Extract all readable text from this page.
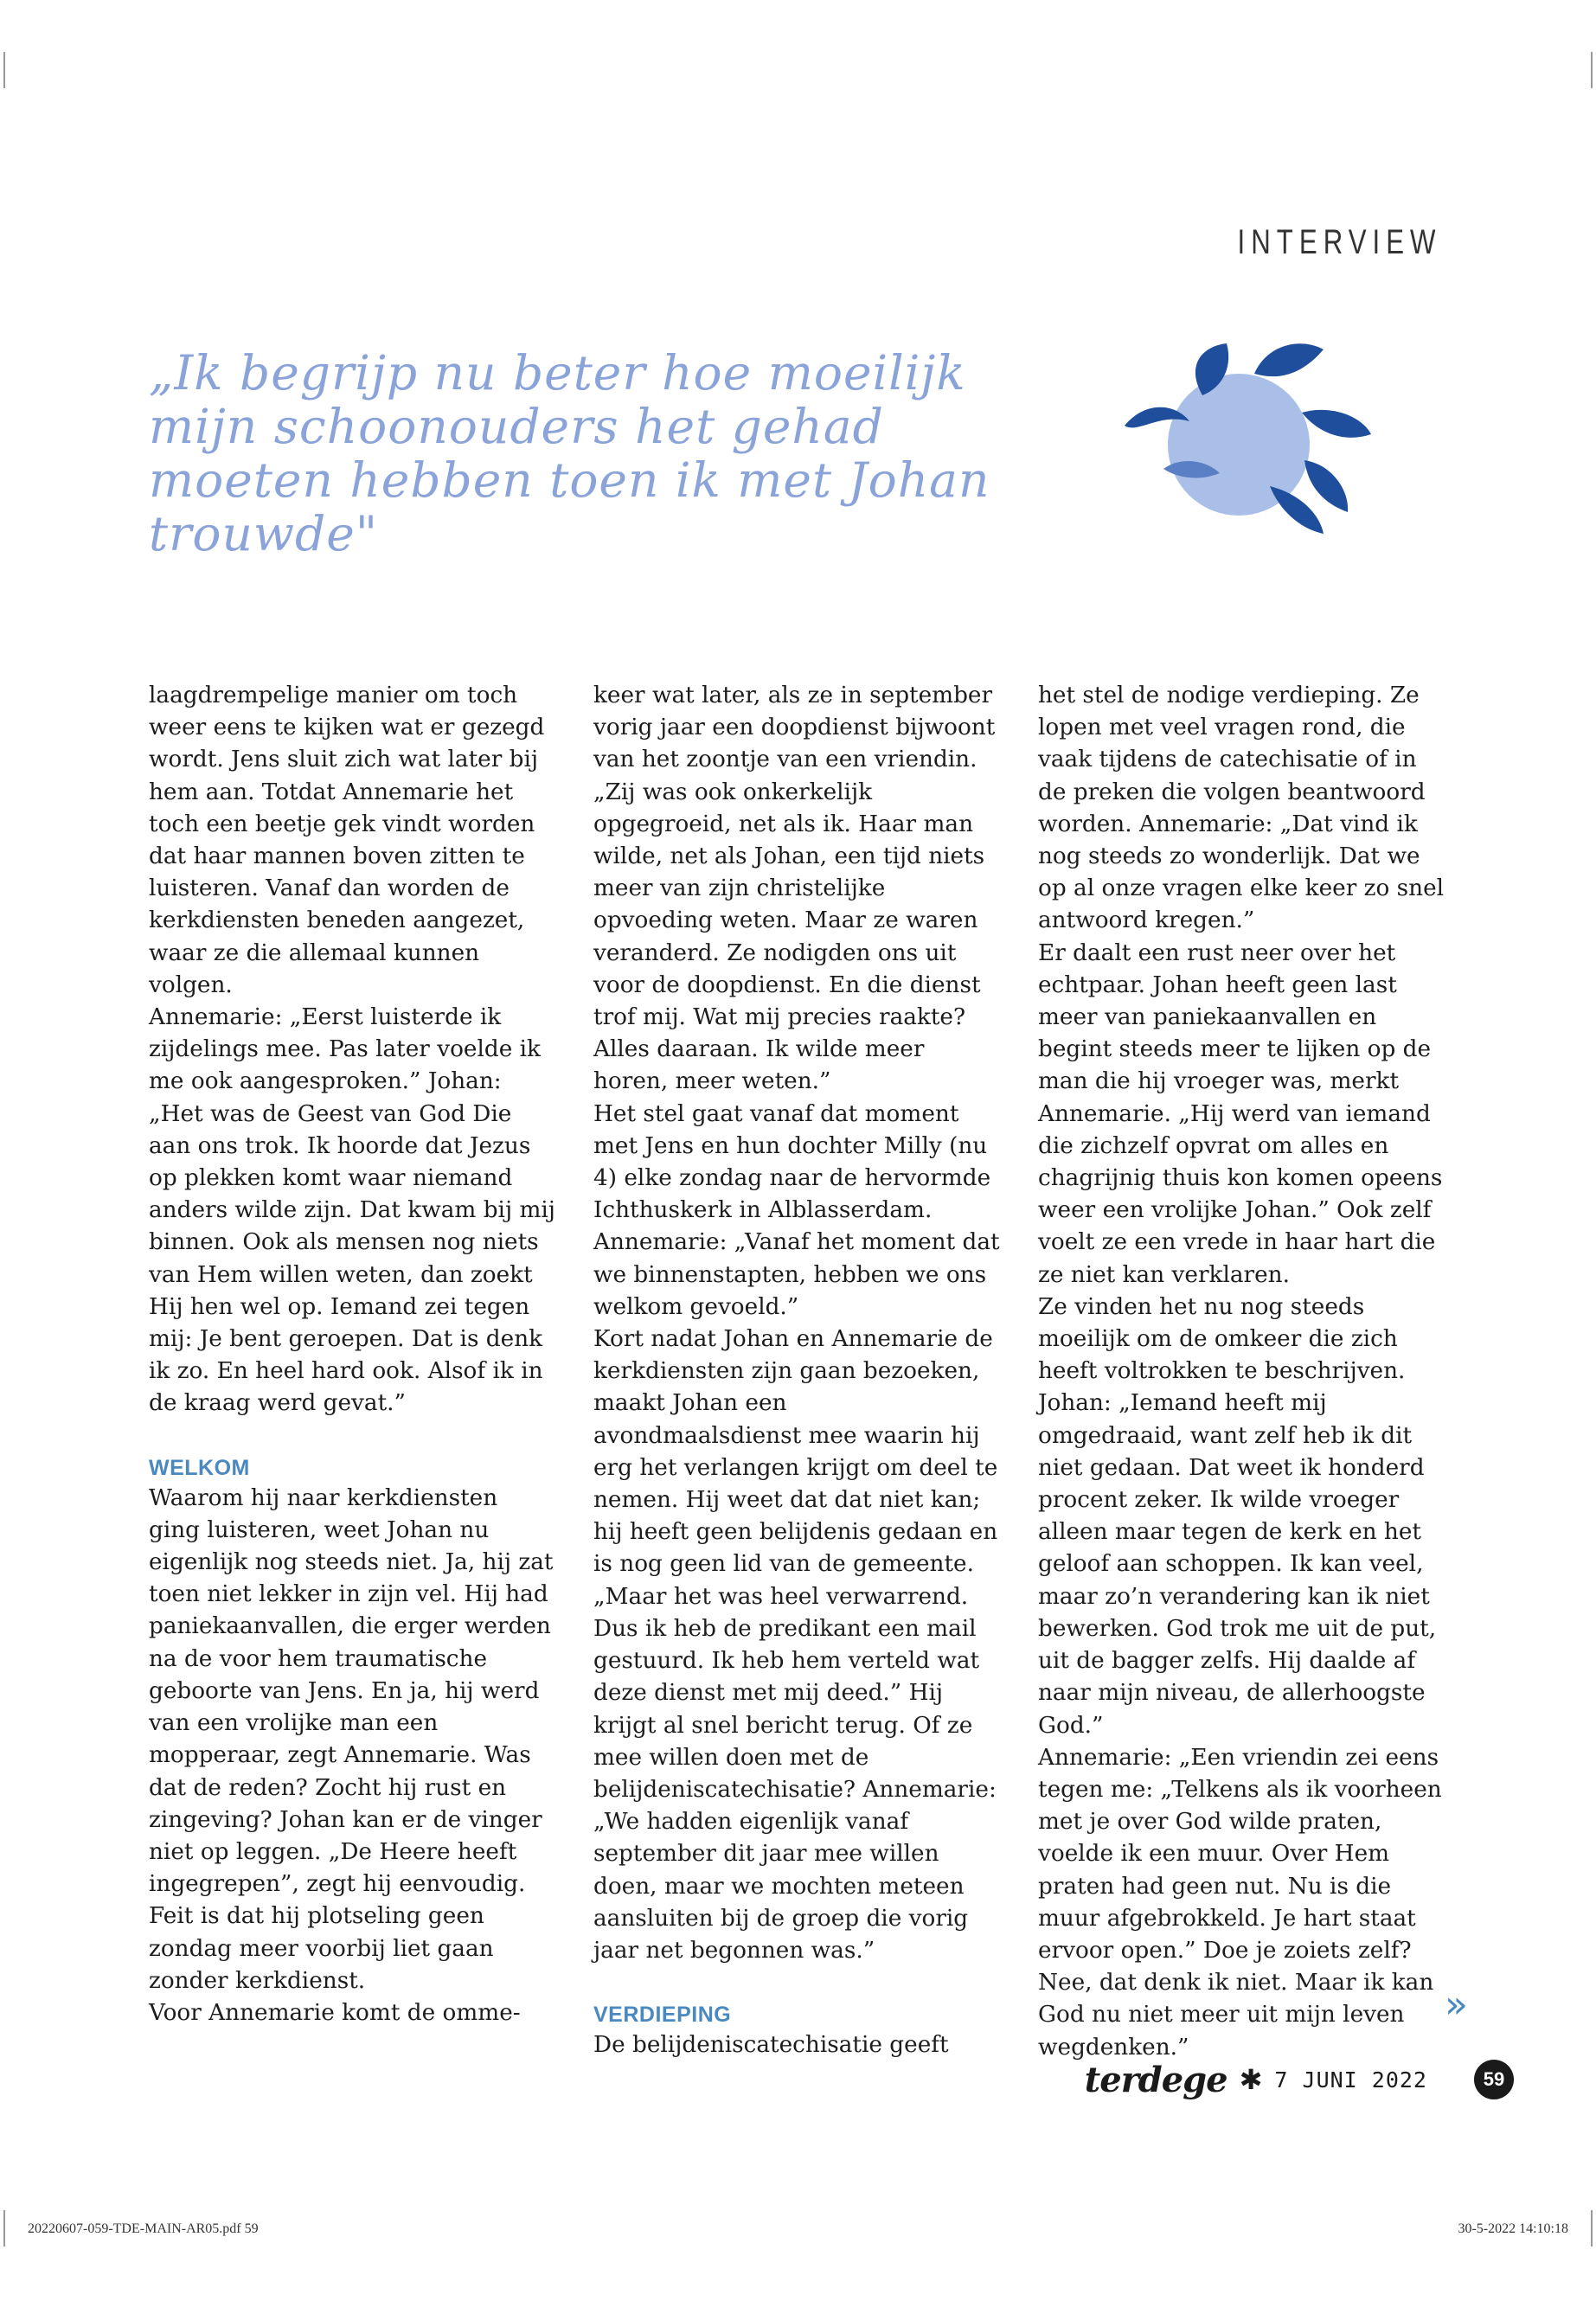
INTERVIEW
„Ik begrijp nu beter hoe moeilijk mijn schoonouders het gehad moeten hebben toen ik met Johan trouwde"

laagdrempelige manier om toch weer eens te kijken wat er gezegd wordt. Jens sluit zich wat later bij hem aan. Totdat Annemarie het toch een beetje gek vindt worden dat haar mannen boven zitten te luisteren. Vanaf dan worden de kerkdiensten beneden aangezet, waar ze die allemaal kunnen volgen.

Annemarie: „Eerst luisterde ik zijdelings mee. Pas later voelde ik me ook aangesproken.” Johan: „Het was de Geest van God Die aan ons trok. Ik hoorde dat Jezus op plekken komt waar niemand anders wilde zijn. Dat kwam bij mij binnen. Ook als mensen nog niets van Hem willen weten, dan zoekt Hij hen wel op. Iemand zei tegen mij: Je bent geroepen. Dat is denk ik zo. En heel hard ook. Alsof ik in de kraag werd gevat.”

WELKOM

Waarom hij naar kerkdiensten ging luisteren, weet Johan nu eigenlijk nog steeds niet. Ja, hij zat toen niet lekker in zijn vel. Hij had paniekaanvallen, die erger werden na de voor hem traumatische geboorte van Jens. En ja, hij werd van een vrolijke man een mopperaar, zegt Annemarie. Was dat de reden? Zocht hij rust en zingeving? Johan kan er de vinger niet op leggen. „De Heere heeft ingegrepen”, zegt hij eenvoudig. Feit is dat hij plotseling geen zondag meer voorbij liet gaan zonder kerkdienst.

Voor Annemarie komt de omme-

keer wat later, als ze in september vorig jaar een doopdienst bijwoont van het zoontje van een vriendin. „Zij was ook onkerkelijk opgegroeid, net als ik. Haar man wilde, net als Johan, een tijd niets meer van zijn christelijke opvoeding weten. Maar ze waren veranderd. Ze nodigden ons uit voor de doopdienst. En die dienst trof mij. Wat mij precies raakte? Alles daaraan. Ik wilde meer horen, meer weten.”

Het stel gaat vanaf dat moment met Jens en hun dochter Milly (nu 4) elke zondag naar de hervormde Ichthuskerk in Alblasserdam. Annemarie: „Vanaf het moment dat we binnenstapten, hebben we ons welkom gevoeld.”

Kort nadat Johan en Annemarie de kerkdiensten zijn gaan bezoeken, maakt Johan een avondmaalsdienst mee waarin hij erg het verlangen krijgt om deel te nemen. Hij weet dat dat niet kan; hij heeft geen belijdenis gedaan en is nog geen lid van de gemeente. „Maar het was heel verwarrend. Dus ik heb de predikant een mail gestuurd. Ik heb hem verteld wat deze dienst met mij deed.” Hij krijgt al snel bericht terug. Of ze mee willen doen met de belijdeniscatechisatie? Annemarie: „We hadden eigenlijk vanaf september dit jaar mee willen doen, maar we mochten meteen aansluiten bij de groep die vorig jaar net begonnen was.”

VERDIEPING

De belijdeniscatechisatie geeft

het stel de nodige verdieping. Ze lopen met veel vragen rond, die vaak tijdens de catechisatie of in de preken die volgen beantwoord worden. Annemarie: „Dat vind ik nog steeds zo wonderlijk. Dat we op al onze vragen elke keer zo snel antwoord kregen.”

Er daalt een rust neer over het echtpaar. Johan heeft geen last meer van paniekaanvallen en begint steeds meer te lijken op de man die hij vroeger was, merkt Annemarie. „Hij werd van iemand die zichzelf opvrat om alles en chagrijnig thuis kon komen opeens weer een vrolijke Johan.” Ook zelf voelt ze een vrede in haar hart die ze niet kan verklaren.

Ze vinden het nu nog steeds moeilijk om de omkeer die zich heeft voltrokken te beschrijven. Johan: „Iemand heeft mij omgedraaid, want zelf heb ik dit niet gedaan. Dat weet ik honderd procent zeker. Ik wilde vroeger alleen maar tegen de kerk en het geloof aan schoppen. Ik kan veel, maar zo’n verandering kan ik niet bewerken. God trok me uit de put, uit de bagger zelfs. Hij daalde af naar mijn niveau, de allerhoogste God.”

Annemarie: „Een vriendin zei eens tegen me: „Telkens als ik voorheen met je over God wilde praten, voelde ik een muur. Over Hem praten had geen nut. Nu is die muur afgebrokkeld. Je hart staat ervoor open.” Doe je zoiets zelf? Nee, dat denk ik niet. Maar ik kan God nu niet meer uit mijn leven wegdenken.”

»
terdege ✱ 7 JUNI 2022	59
20220607-059-TDE-MAIN-AR05.pdf 59	30-5-2022 14:10:18
